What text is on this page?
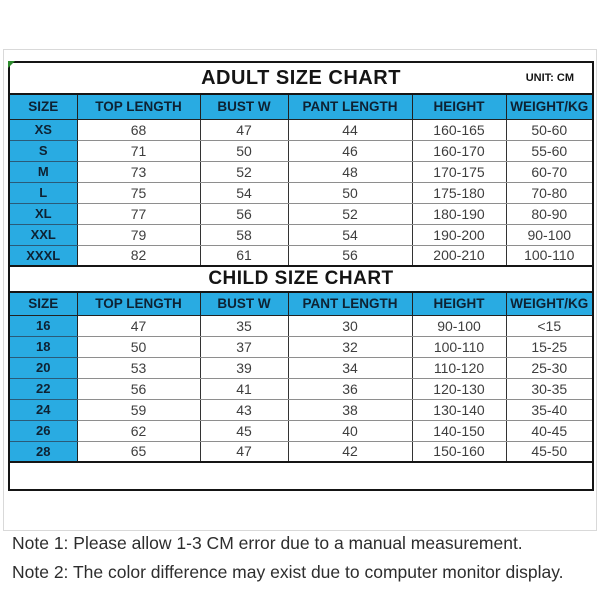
ADULT SIZE CHART UNIT: CM					

SIZE	TOP LENGTH	BUST W	PANT LENGTH	HEIGHT	WEIGHT/KG
XS	68	47	44	160-165	50-60
S	71	50	46	160-170	55-60
M	73	52	48	170-175	60-70
L	75	54	50	175-180	70-80
XL	77	56	52	180-190	80-90
XXL	79	58	54	190-200	90-100
XXXL	82	61	56	200-210	100-110
CHILD SIZE CHART					
SIZE	TOP LENGTH	BUST W	PANT LENGTH	HEIGHT	WEIGHT/KG
16	47	35	30	90-100	<15
18	50	37	32	100-110	15-25
20	53	39	34	110-120	25-30
22	56	41	36	120-130	30-35
24	59	43	38	130-140	35-40
26	62	45	40	140-150	40-45
28	65	47	42	150-160	45-50

Note 1: Please allow 1-3 CM error due to a manual measurement.
Note 2: The color difference may exist due to computer monitor display.
